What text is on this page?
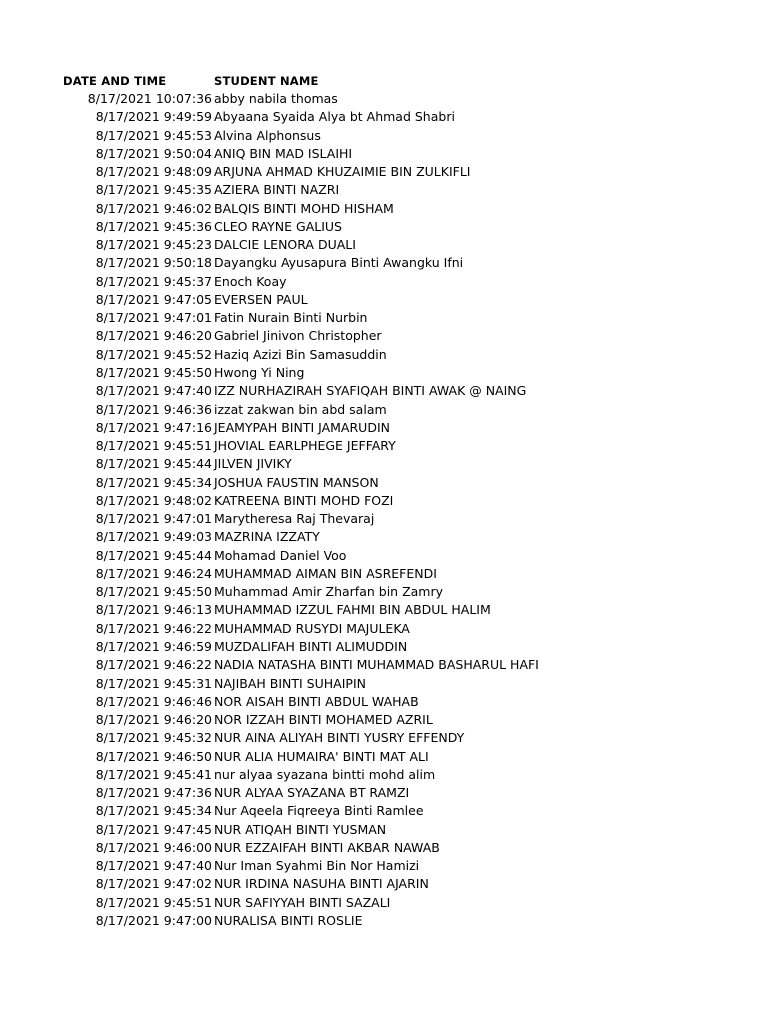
DATE AND TIME	STUDENT NAME
8/17/2021 10:07:36 abby nabila thomas
8/17/2021 9:49:59 Abyaana Syaida Alya bt Ahmad Shabri
8/17/2021 9:45:53 Alvina Alphonsus
8/17/2021 9:50:04 ANIQ BIN MAD ISLAIHI
8/17/2021 9:48:09 ARJUNA AHMAD KHUZAIMIE BIN ZULKIFLI
8/17/2021 9:45:35 AZIERA BINTI NAZRI
8/17/2021 9:46:02 BALQIS BINTI MOHD HISHAM
8/17/2021 9:45:36 CLEO RAYNE GALIUS
8/17/2021 9:45:23 DALCIE LENORA DUALI
8/17/2021 9:50:18 Dayangku Ayusapura Binti Awangku Ifni
8/17/2021 9:45:37 Enoch Koay
8/17/2021 9:47:05 EVERSEN PAUL
8/17/2021 9:47:01 Fatin Nurain Binti Nurbin
8/17/2021 9:46:20 Gabriel Jinivon Christopher
8/17/2021 9:45:52 Haziq Azizi Bin Samasuddin
8/17/2021 9:45:50 Hwong Yi Ning
8/17/2021 9:47:40 IZZ NURHAZIRAH SYAFIQAH BINTI AWAK @ NAING
8/17/2021 9:46:36 izzat zakwan bin abd salam
8/17/2021 9:47:16 JEAMYPAH BINTI JAMARUDIN
8/17/2021 9:45:51 JHOVIAL EARLPHEGE JEFFARY
8/17/2021 9:45:44 JILVEN JIVIKY
8/17/2021 9:45:34 JOSHUA FAUSTIN MANSON
8/17/2021 9:48:02 KATREENA BINTI MOHD FOZI
8/17/2021 9:47:01 Marytheresa Raj Thevaraj
8/17/2021 9:49:03 MAZRINA IZZATY
8/17/2021 9:45:44 Mohamad Daniel Voo
8/17/2021 9:46:24 MUHAMMAD AIMAN BIN ASREFENDI
8/17/2021 9:45:50 Muhammad Amir Zharfan bin Zamry
8/17/2021 9:46:13 MUHAMMAD IZZUL FAHMI BIN ABDUL HALIM
8/17/2021 9:46:22 MUHAMMAD RUSYDI MAJULEKA
8/17/2021 9:46:59 MUZDALIFAH BINTI ALIMUDDIN
8/17/2021 9:46:22 NADIA NATASHA BINTI MUHAMMAD BASHARUL HAFI
8/17/2021 9:45:31 NAJIBAH BINTI SUHAIPIN
8/17/2021 9:46:46 NOR AISAH BINTI ABDUL WAHAB
8/17/2021 9:46:20 NOR IZZAH BINTI MOHAMED AZRIL
8/17/2021 9:45:32 NUR AINA ALIYAH BINTI YUSRY EFFENDY
8/17/2021 9:46:50 NUR ALIA HUMAIRA' BINTI MAT ALI
8/17/2021 9:45:41 nur alyaa syazana bintti mohd alim
8/17/2021 9:47:36 NUR ALYAA SYAZANA BT RAMZI
8/17/2021 9:45:34 Nur Aqeela Fiqreeya Binti Ramlee
8/17/2021 9:47:45 NUR ATIQAH BINTI YUSMAN
8/17/2021 9:46:00 NUR EZZAIFAH BINTI AKBAR NAWAB
8/17/2021 9:47:40 Nur Iman Syahmi Bin Nor Hamizi
8/17/2021 9:47:02 NUR IRDINA NASUHA BINTI AJARIN
8/17/2021 9:45:51 NUR SAFIYYAH BINTI SAZALI
8/17/2021 9:47:00 NURALISA BINTI ROSLIE
